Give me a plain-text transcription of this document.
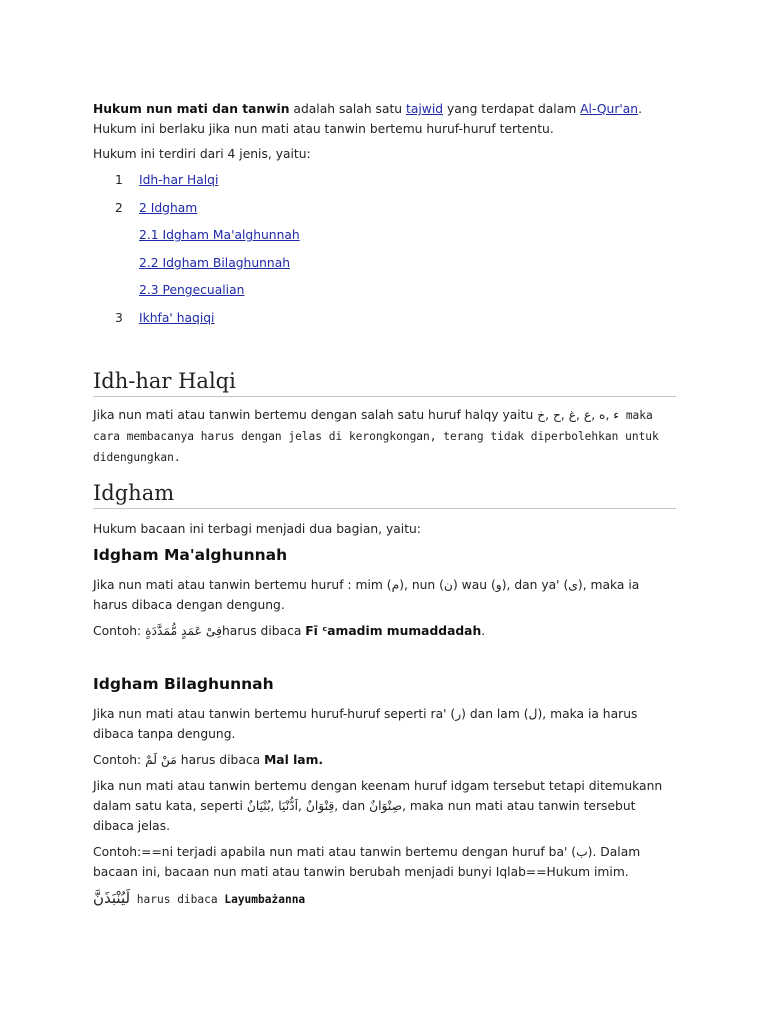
Hukum nun mati dan tanwin adalah salah satu tajwid yang terdapat dalam Al-Qur'an. Hukum ini berlaku jika nun mati atau tanwin bertemu huruf-huruf tertentu.

Hukum ini terdiri dari 4 jenis, yaitu:

1	Idh-har Halqi
2	2 Idgham
2.1 Idgham Ma'alghunnah
2.2 Idgham Bilaghunnah
2.3 Pengecualian
3	Ikhfa' haqiqi
Idh-har Halqi

Jika nun mati atau tanwin bertemu dengan salah satu huruf halqy yaitu ء ,ه ,ع ,غ ,ح ,خ maka cara membacanya harus dengan jelas di kerongkongan, terang tidak diperbolehkan untuk didengungkan.

Idgham

Hukum bacaan ini terbagi menjadi dua bagian, yaitu:

Idgham Ma'alghunnah

Jika nun mati atau tanwin bertemu huruf : mim (م), nun (ن) wau (و), dan ya' (ى), maka ia harus dibaca dengan dengung.

Contoh: فِىْ عَمَدٍ مُّمَدَّدَةٍharus dibaca Fī ᶜamadim mumaddadah.

Idgham Bilaghunnah

Jika nun mati atau tanwin bertemu huruf-huruf seperti ra' (ر) dan lam (ل), maka ia harus dibaca tanpa dengung.

Contoh: مَنْ لَمْ harus dibaca Mal lam.

Jika nun mati atau tanwin bertemu dengan keenam huruf idgam tersebut tetapi ditemukann dalam satu kata, seperti قِنْوَانٌ ,اَدُّنْيَا ,بُنْيَانٌ, dan صِنْوَانٌ, maka nun mati atau tanwin tersebut dibaca jelas.

Contoh:==ni terjadi apabila nun mati atau tanwin bertemu dengan huruf ba' (ب). Dalam bacaan ini, bacaan nun mati atau tanwin berubah menjadi bunyi Iqlab==Hukum imim.

لَيُنْبَذَنَّ harus dibaca Layumbażanna
